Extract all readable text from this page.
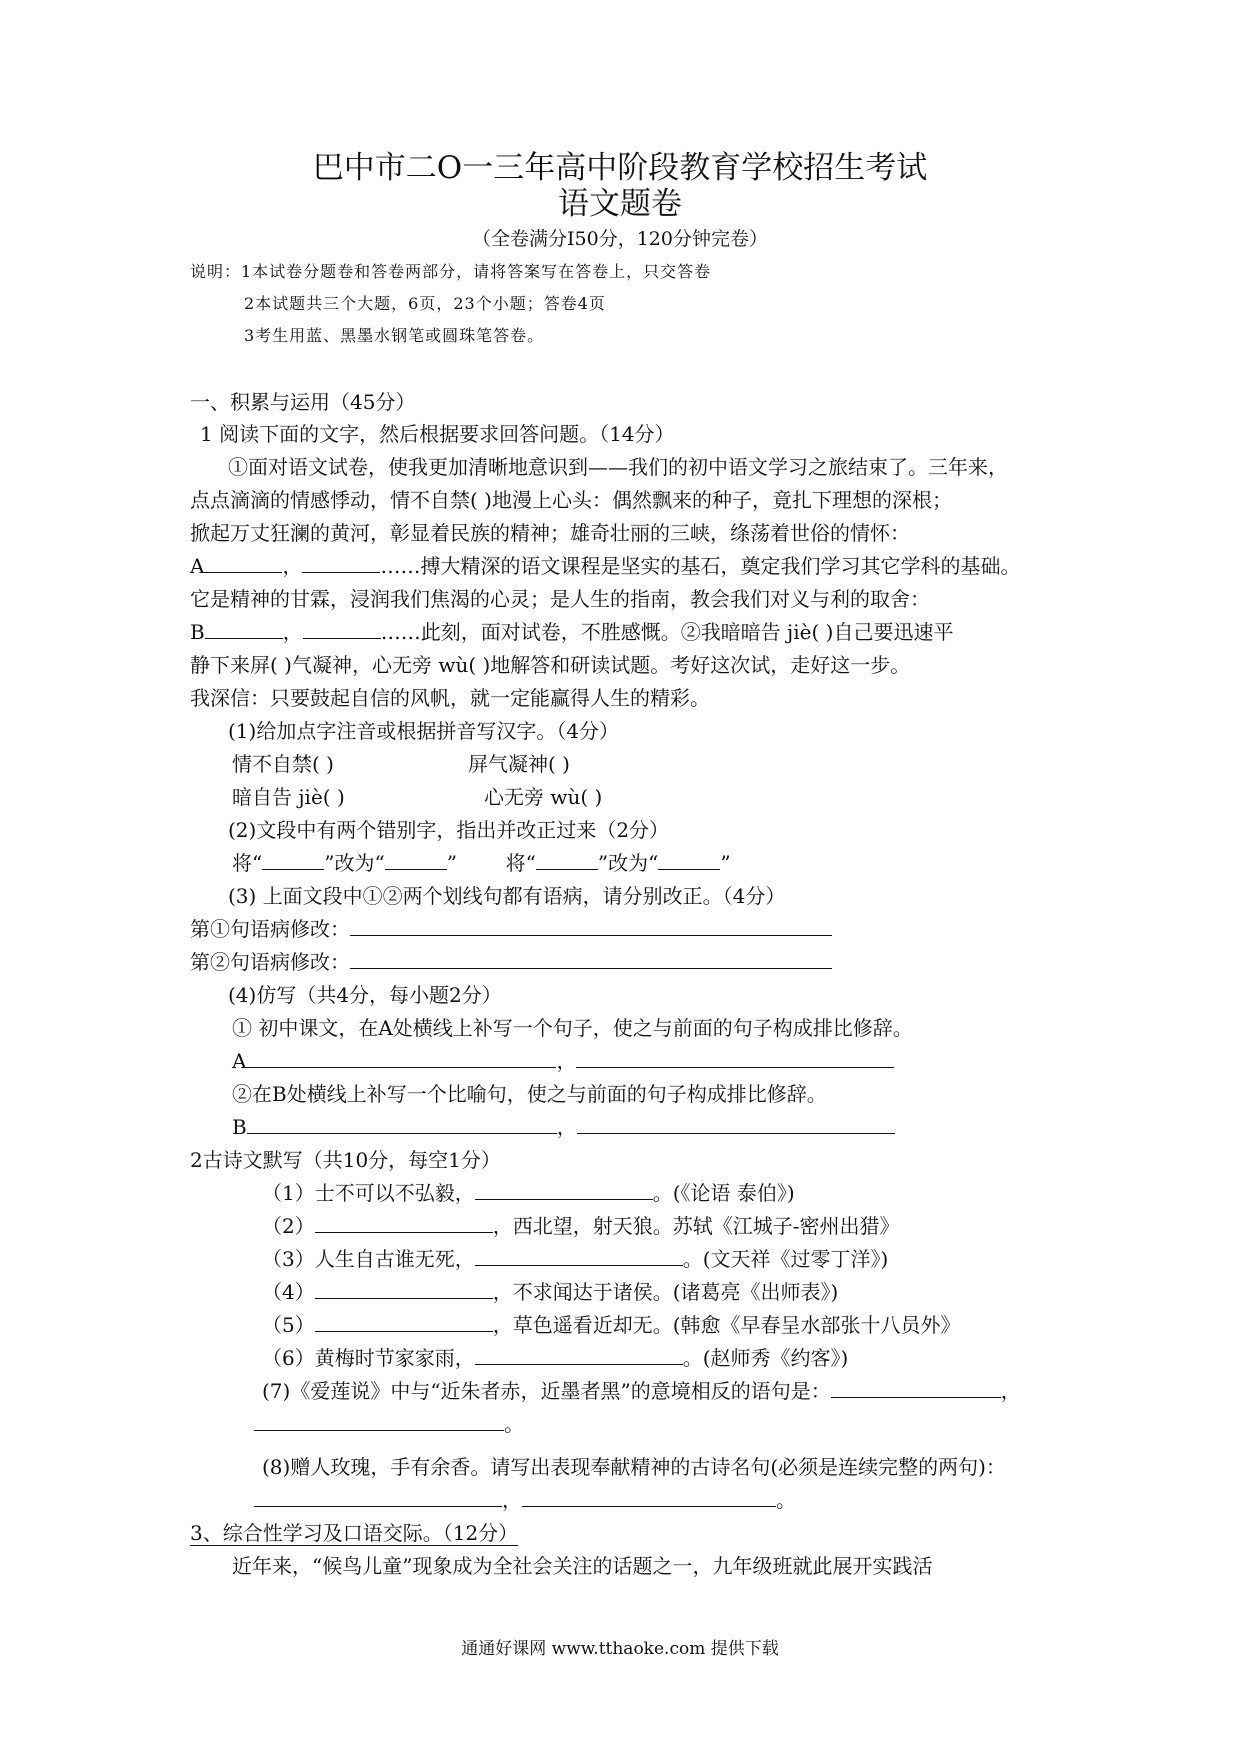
巴中市二O一三年高中阶段教育学校招生考试
语文题卷
（全卷满分I50分，120分钟完卷）
说明：1本试卷分题卷和答卷两部分，请将答案写在答卷上，只交答卷
2本试题共三个大题，6页，23个小题；答卷4页
3考生用蓝、黑墨水钢笔或圆珠笔答卷。
一、积累与运用（45分）
1 阅读下面的文字，然后根据要求回答问题。（14分）
①面对语文试卷，使我更加清晰地意识到——我们的初中语文学习之旅结束了。三年来，
点点滴滴的情感悸动，情不自禁( )地漫上心头：偶然飘来的种子，竟扎下理想的深根；
掀起万丈狂澜的黄河，彰显着民族的精神；雄奇壮丽的三峡，绦荡着世俗的情怀：
A	，	……搏大精深的语文课程是坚实的基石，奠定我们学习其它学科的基础。
它是精神的甘霖，浸润我们焦渴的心灵；是人生的指南，教会我们对义与利的取舍：
B	，	……此刻，面对试卷，不胜感慨。②我暗暗告 jiè( )自己要迅速平
静下来屏( )气凝神，心无旁 wù( )地解答和研读试题。考好这次试，走好这一步。
我深信：只要鼓起自信的风帆，就一定能赢得人生的精彩。
(1)给加点字注音或根据拼音写汉字。（4分）
情不自禁( )	屏气凝神( )
暗自告 jiè( )	心无旁 wù( )
(2)文段中有两个错别字，指出并改正过来（2分）
将“	”改为“	” 将“	”改为“	”
(3) 上面文段中①②两个划线句都有语病，请分别改正。（4分）
第①句语病修改：
第②句语病修改：
(4)仿写（共4分，每小题2分）
① 初中课文，在A处横线上补写一个句子，使之与前面的句子构成排比修辞。
A	，
②在B处横线上补写一个比喻句，使之与前面的句子构成排比修辞。
B	，
2古诗文默写（共10分，每空1分）
（1）士不可以不弘毅，	。(《论语 泰伯》)
（2）	，西北望，射天狼。苏轼《江城子-密州出猎》
（3）人生自古谁无死，	。(文天祥《过零丁洋》)
（4）	，不求闻达于诸侯。(诸葛亮《出师表》)
（5）	，草色遥看近却无。(韩愈《早春呈水部张十八员外》
（6）黄梅时节家家雨，	。(赵师秀《约客》)
(7)《爱莲说》中与“近朱者赤，近墨者黑”的意境相反的语句是：	，
。
(8)赠人玫瑰，手有余香。请写出表现奉献精神的古诗名句(必须是连续完整的两句)：
，	。
3、综合性学习及口语交际。（12分）
近年来，“候鸟儿童”现象成为全社会关注的话题之一，九年级班就此展开实践活
通通好课网 www.tthaoke.com 提供下载
